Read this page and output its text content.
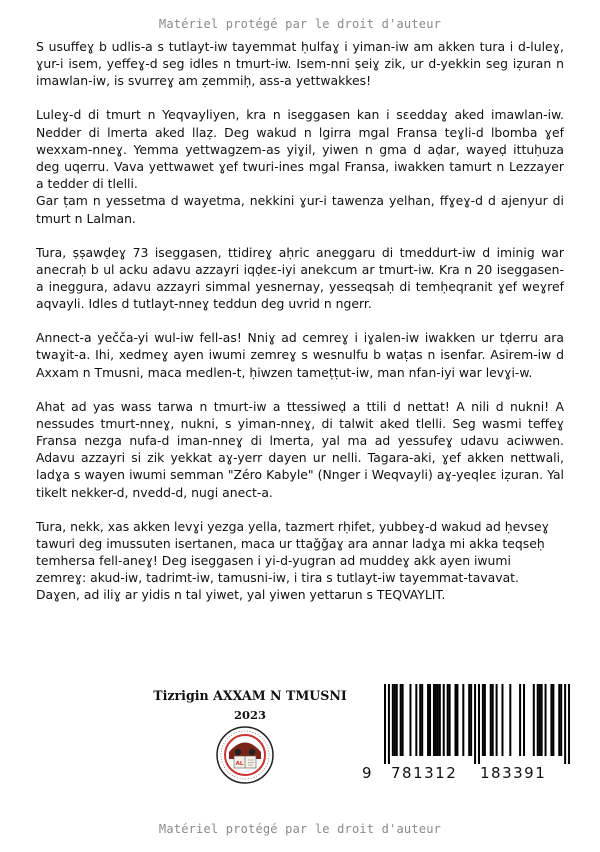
Matériel protégé par le droit d'auteur

S usuffeɣ b udlis-a s tutlayt-iw tayemmat ḥulfaɣ i yiman-iw am akken tura i d-luleɣ, ɣur-i isem, yeffeɣ-d seg idles n tmurt-iw. Isem-nni ṣeiɣ zik, ur d-yekkin seg iẓuran n imawlan-iw, is svurreɣ am ẓemmiḥ, ass-a yettwakkes!

Luleɣ-d di tmurt n Yeqvayliyen, kra n iseggasen kan i sɛeddaɣ aked imawlan-iw. Nedder di lmerta aked llaẓ. Deg wakud n lgirra mgal Fransa teɣli-d lbomba ɣef wexxam-nneɣ. Yemma yettwagzem-as yiɣil, yiwen n gma d aḍar, wayeḍ ittuḥuza deg uqerru. Vava yettwawet ɣef twuri-ines mgal Fransa, iwakken tamurt n Lezzayer a tedder di tlelli.

Gar ṭam n yessetma d wayetma, nekkini ɣur-i tawenza yelhan, ffɣeɣ-d d ajenyur di tmurt n Lalman.

Tura, ṣṣawḍeɣ 73 iseggasen, ttidireɣ aḥric aneggaru di tmeddurt-iw d iminig war anecraḥ b ul acku adavu azzayri iqḍeɛ-iyi anekcum ar tmurt-iw. Kra n 20 iseggasen-a ineggura, adavu azzayri simmal yesnernay, yesseqsaḥ di temḥeqranit ɣef weɣref aqvayli. Idles d tutlayt-nneɣ teddun deg uvrid n ngerr.

Annect-a yečča-yi wul-iw fell-as! Nniɣ ad cemreɣ i iɣalen-iw iwakken ur tḍerru ara twaɣit-a. Ihi, xedmeɣ ayen iwumi zemreɣ s wesnulfu b waṭas n isenfar. Asirem-iw d Axxam n Tmusni, maca medlen-t, ḥiwzen tameṭṭut-iw, man nfan-iyi war levɣi-w.

Ahat ad yas wass tarwa n tmurt-iw a ttessiweḍ a ttili d nettat! A nili d nukni! A nessudes tmurt-nneɣ, nukni, s yiman-nneɣ, di talwit aked tlelli. Seg wasmi teffeɣ Fransa nezga nufa-d iman-nneɣ di lmerta, yal ma ad yessufeɣ udavu aciwwen. Adavu azzayri si zik yekkat aɣ-yerr dayen ur nelli. Tagara-aki, ɣef akken nettwali, ladɣa s wayen iwumi semman "Zéro Kabyle" (Nnger i Weqvayli) aɣ-yeqleɛ iẓuran. Yal tikelt nekker-d, nvedd-d, nugi anect-a.

Tura, nekk, xas akken levɣi yezga yella, tazmert rḥifet, yubbeɣ-d wakud ad ḥevseɣ tawuri deg imussuten isertanen, maca ur ttaǧǧaɣ ara annar ladɣa mi akka teqseḥ temhersa fell-aneɣ! Deg iseggasen i yi-d-yugran ad muddeɣ akk ayen iwumi zemreɣ: akud-iw, tadrimt-iw, tamusni-iw, i tira s tutlayt-iw tayemmat-tavavat. Daɣen, ad iliɣ ar yidis n tal yiwet, yal yiwen yettarun s TEQVAYLIT.

Tizrigin AXXAM N TMUSNI
2023
AL	9 781312 183391
Matériel protégé par le droit d'auteur
